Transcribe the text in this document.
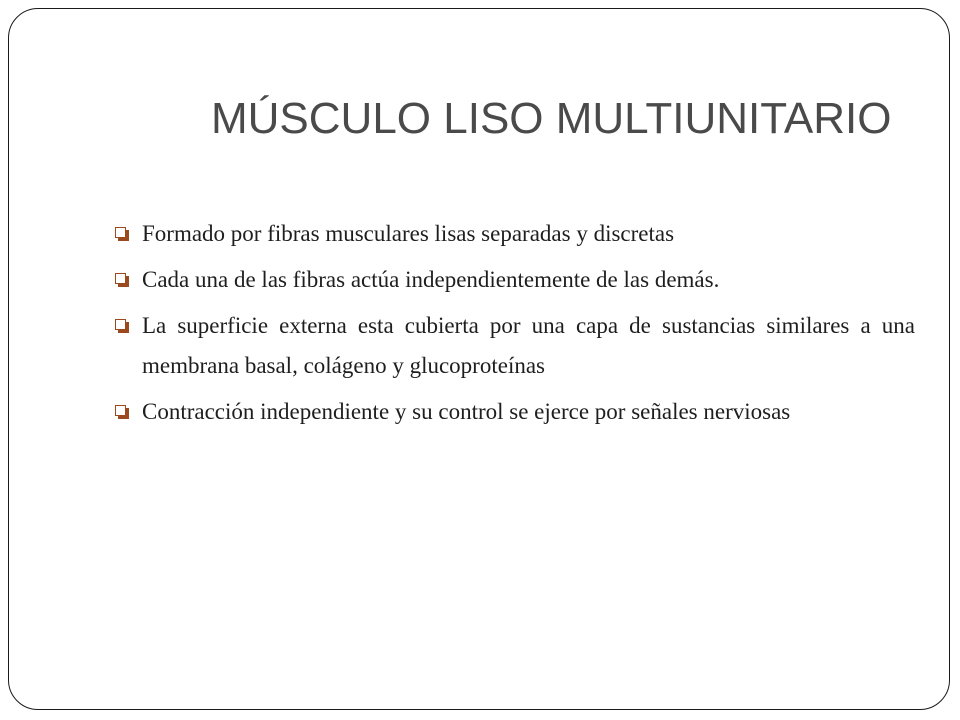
MÚSCULO LISO MULTIUNITARIO
Formado por fibras musculares lisas separadas y discretas
Cada una de las fibras actúa independientemente de las demás.
La superficie externa esta cubierta por una capa de sustancias similares a una membrana basal, colágeno y glucoproteínas
Contracción independiente y su control se ejerce por señales nerviosas
